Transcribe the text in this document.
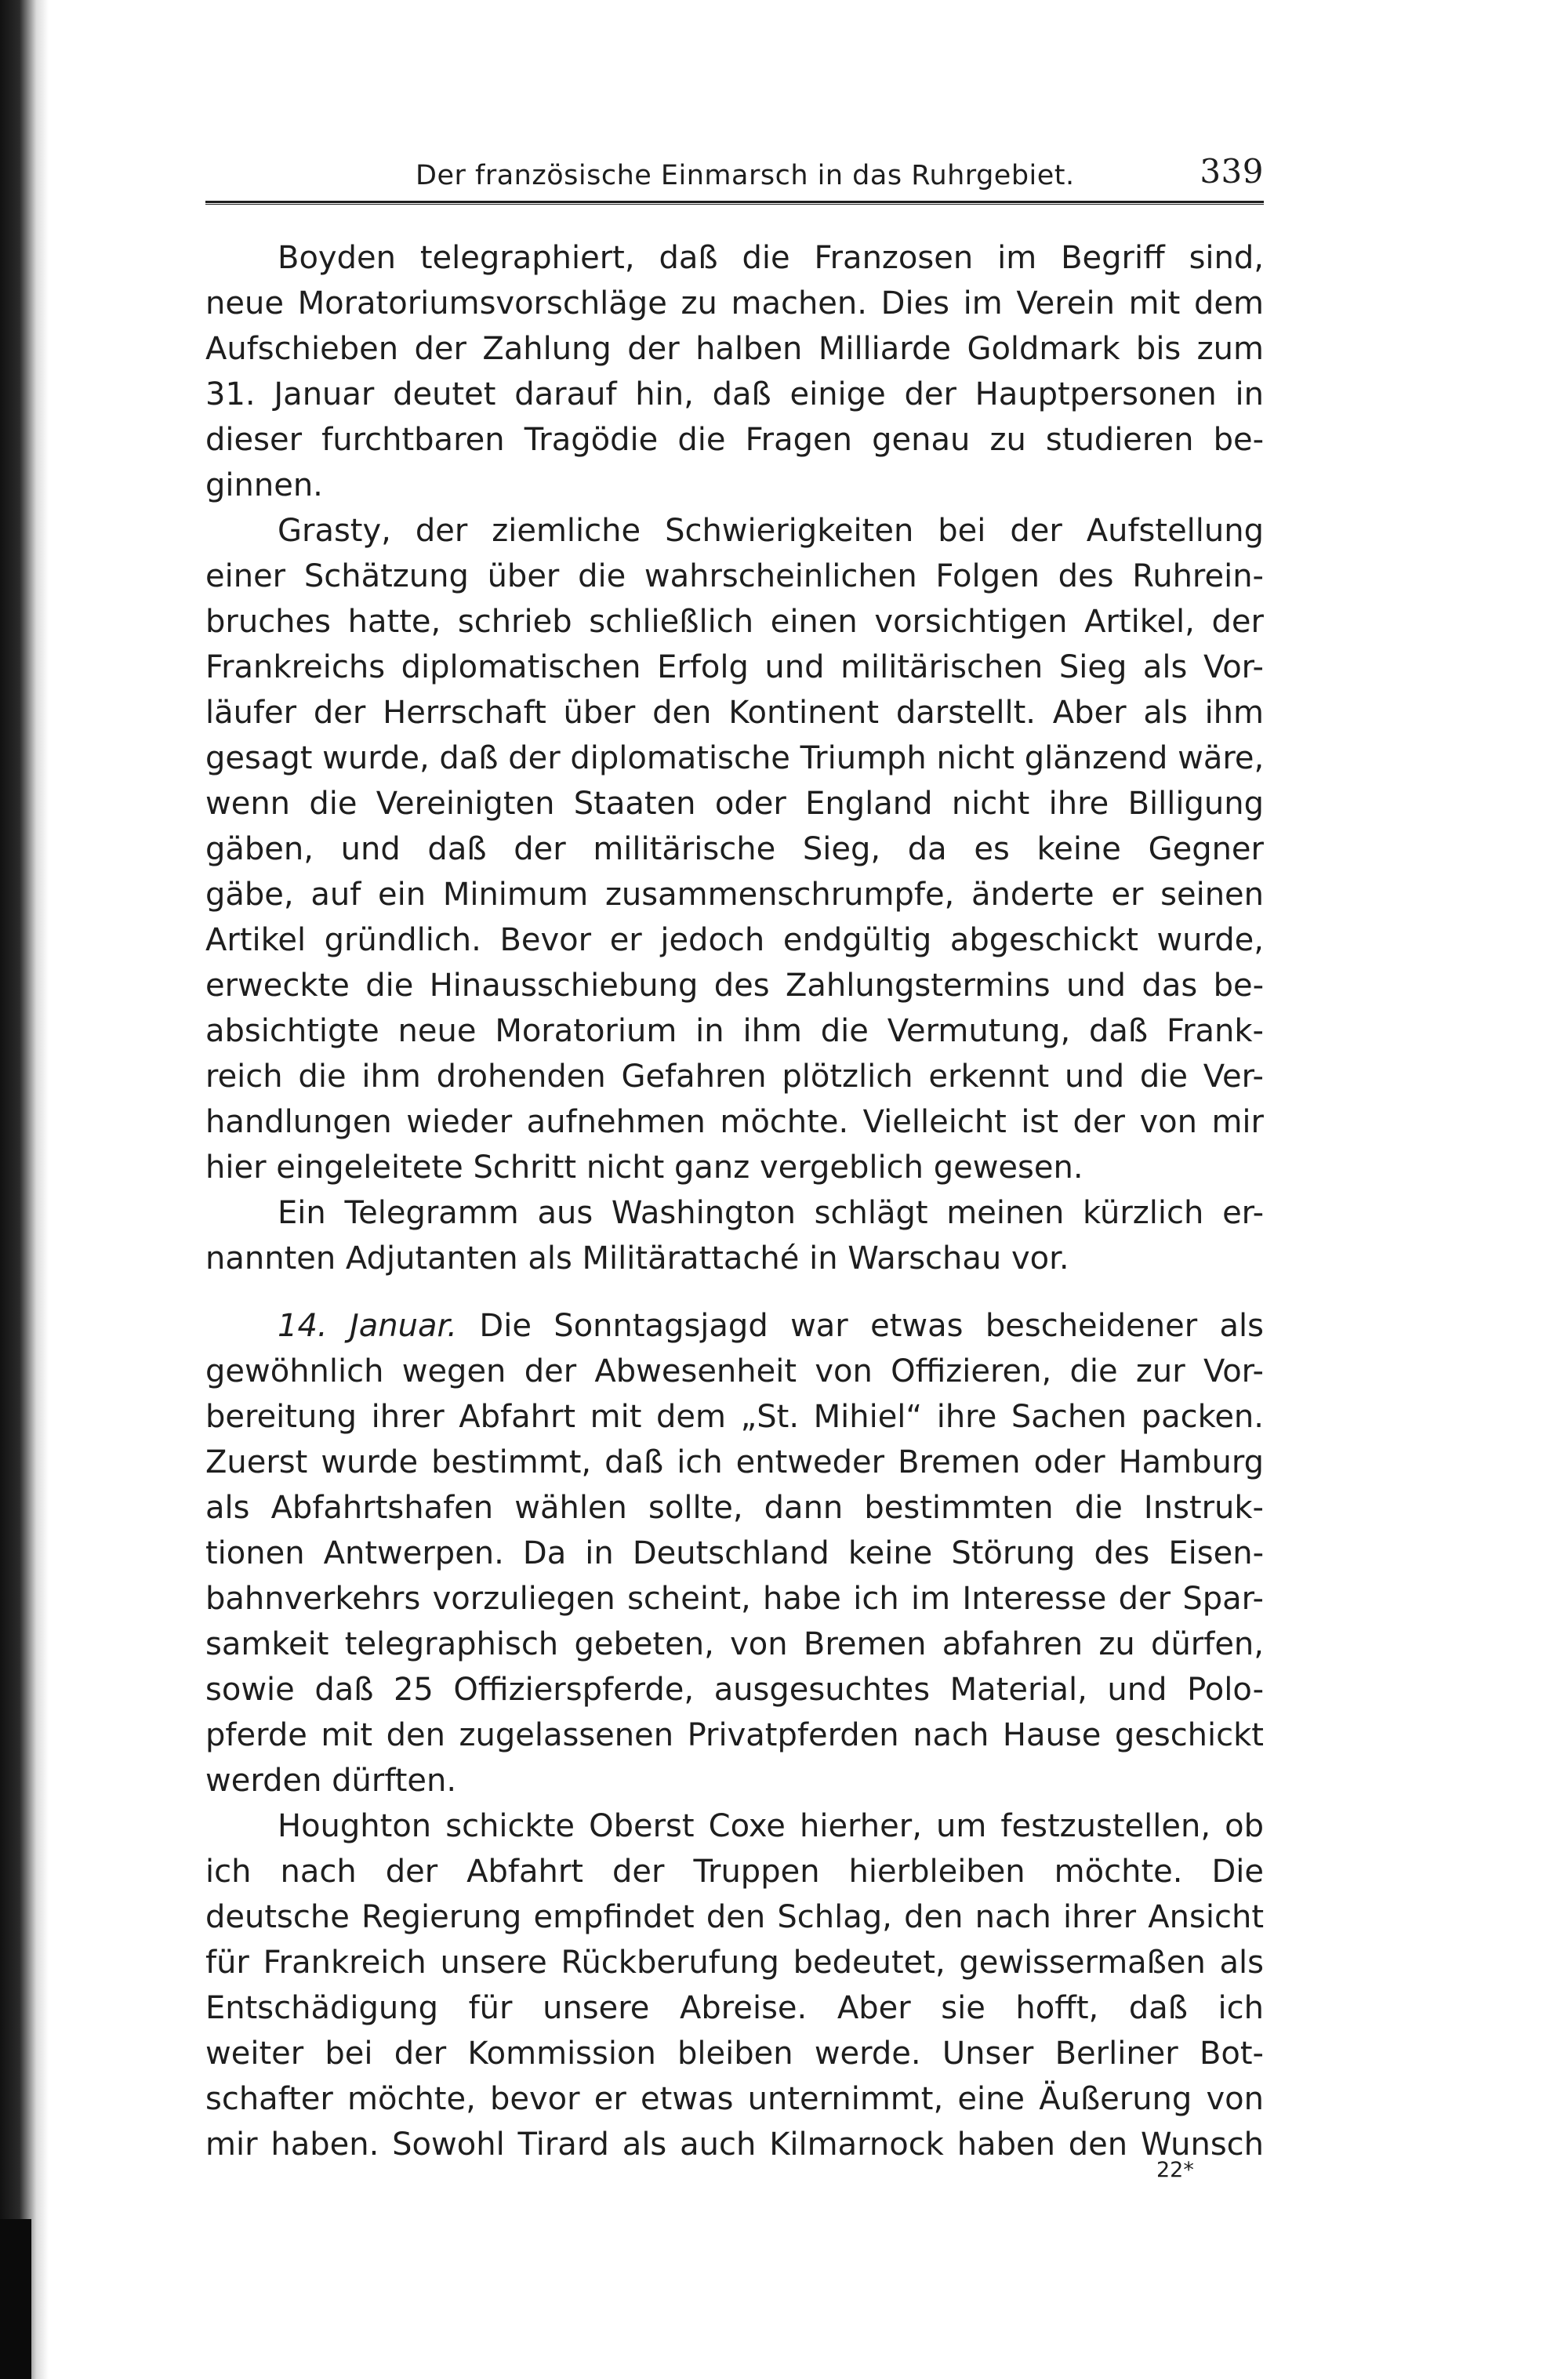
Der französische Einmarsch in das Ruhrgebiet.	339

Boyden telegraphiert, daß die Franzosen im Begriff sind,
neue Moratoriumsvorschläge zu machen. Dies im Verein mit dem
Aufschieben der Zahlung der halben Milliarde Goldmark bis zum
31. Januar deutet darauf hin, daß einige der Hauptpersonen in
dieser furchtbaren Tragödie die Fragen genau zu studieren be-
ginnen.

Grasty, der ziemliche Schwierigkeiten bei der Aufstellung
einer Schätzung über die wahrscheinlichen Folgen des Ruhrein-
bruches hatte, schrieb schließlich einen vorsichtigen Artikel, der
Frankreichs diplomatischen Erfolg und militärischen Sieg als Vor-
läufer der Herrschaft über den Kontinent darstellt. Aber als ihm
gesagt wurde, daß der diplomatische Triumph nicht glänzend wäre,
wenn die Vereinigten Staaten oder England nicht ihre Billigung
gäben, und daß der militärische Sieg, da es keine Gegner
gäbe, auf ein Minimum zusammenschrumpfe, änderte er seinen
Artikel gründlich. Bevor er jedoch endgültig abgeschickt wurde,
erweckte die Hinausschiebung des Zahlungstermins und das be-
absichtigte neue Moratorium in ihm die Vermutung, daß Frank-
reich die ihm drohenden Gefahren plötzlich erkennt und die Ver-
handlungen wieder aufnehmen möchte. Vielleicht ist der von mir
hier eingeleitete Schritt nicht ganz vergeblich gewesen.

Ein Telegramm aus Washington schlägt meinen kürzlich er-
nannten Adjutanten als Militärattaché in Warschau vor.

14. Januar. Die Sonntagsjagd war etwas bescheidener als
gewöhnlich wegen der Abwesenheit von Offizieren, die zur Vor-
bereitung ihrer Abfahrt mit dem „St. Mihiel“ ihre Sachen packen.
Zuerst wurde bestimmt, daß ich entweder Bremen oder Hamburg
als Abfahrtshafen wählen sollte, dann bestimmten die Instruk-
tionen Antwerpen. Da in Deutschland keine Störung des Eisen-
bahnverkehrs vorzuliegen scheint, habe ich im Interesse der Spar-
samkeit telegraphisch gebeten, von Bremen abfahren zu dürfen,
sowie daß 25 Offizierspferde, ausgesuchtes Material, und Polo-
pferde mit den zugelassenen Privatpferden nach Hause geschickt
werden dürften.

Houghton schickte Oberst Coxe hierher, um festzustellen, ob
ich nach der Abfahrt der Truppen hierbleiben möchte. Die
deutsche Regierung empfindet den Schlag, den nach ihrer Ansicht
für Frankreich unsere Rückberufung bedeutet, gewissermaßen als
Entschädigung für unsere Abreise. Aber sie hofft, daß ich
weiter bei der Kommission bleiben werde. Unser Berliner Bot-
schafter möchte, bevor er etwas unternimmt, eine Äußerung von
mir haben. Sowohl Tirard als auch Kilmarnock haben den Wunsch

22*
